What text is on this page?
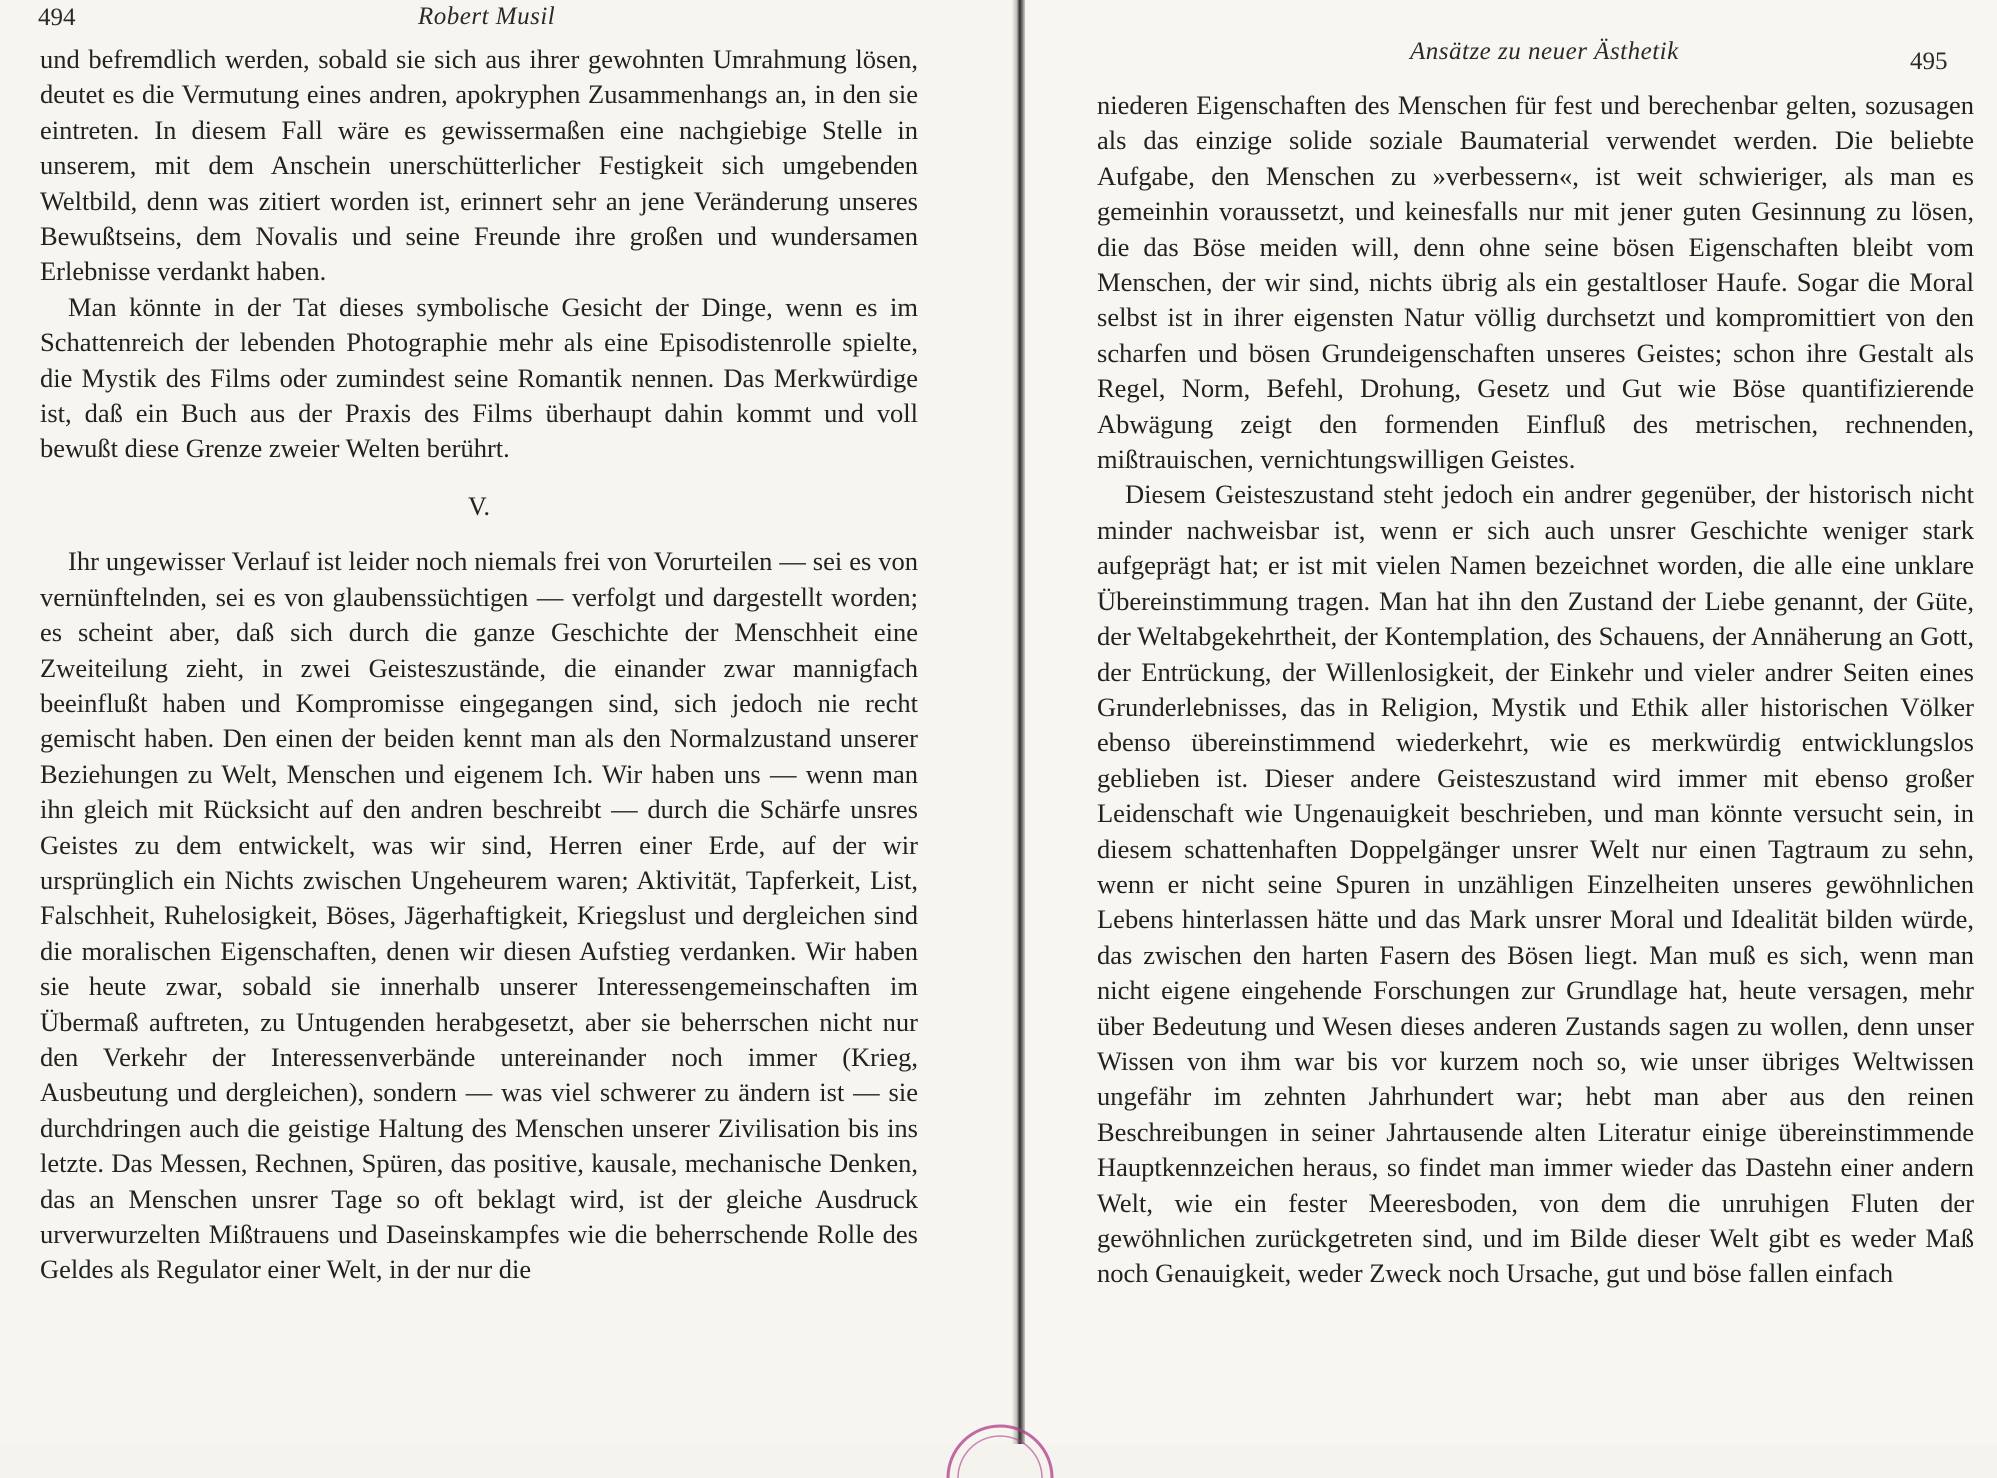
494	Robert Musil

und befremdlich werden, sobald sie sich aus ihrer gewohnten Umrahmung lösen, deutet es die Vermutung eines andren, apokryphen Zusammenhangs an, in den sie eintreten. In diesem Fall wäre es gewissermaßen eine nachgiebige Stelle in unserem, mit dem Anschein unerschütterlicher Festigkeit sich umgebenden Weltbild, denn was zitiert worden ist, erinnert sehr an jene Veränderung unseres Bewußtseins, dem Novalis und seine Freunde ihre großen und wundersamen Erlebnisse verdankt haben.

Man könnte in der Tat dieses symbolische Gesicht der Dinge, wenn es im Schattenreich der lebenden Photographie mehr als eine Episodistenrolle spielte, die Mystik des Films oder zumindest seine Romantik nennen. Das Merkwürdige ist, daß ein Buch aus der Praxis des Films überhaupt dahin kommt und voll bewußt diese Grenze zweier Welten berührt.

V.

Ihr ungewisser Verlauf ist leider noch niemals frei von Vorurteilen — sei es von vernünftelnden, sei es von glaubenssüchtigen — verfolgt und dargestellt worden; es scheint aber, daß sich durch die ganze Geschichte der Menschheit eine Zweiteilung zieht, in zwei Geisteszustände, die einander zwar mannigfach beeinflußt haben und Kompromisse eingegangen sind, sich jedoch nie recht gemischt haben. Den einen der beiden kennt man als den Normalzustand unserer Beziehungen zu Welt, Menschen und eigenem Ich. Wir haben uns — wenn man ihn gleich mit Rücksicht auf den andren beschreibt — durch die Schärfe unsres Geistes zu dem entwickelt, was wir sind, Herren einer Erde, auf der wir ursprünglich ein Nichts zwischen Ungeheurem waren; Aktivität, Tapferkeit, List, Falschheit, Ruhelosigkeit, Böses, Jägerhaftigkeit, Kriegslust und dergleichen sind die moralischen Eigenschaften, denen wir diesen Aufstieg verdanken. Wir haben sie heute zwar, sobald sie innerhalb unserer Interessengemeinschaften im Übermaß auftreten, zu Untugenden herabgesetzt, aber sie beherrschen nicht nur den Verkehr der Interessenverbände untereinander noch immer (Krieg, Ausbeutung und dergleichen), sondern — was viel schwerer zu ändern ist — sie durchdringen auch die geistige Haltung des Menschen unserer Zivilisation bis ins letzte. Das Messen, Rechnen, Spüren, das positive, kausale, mechanische Denken, das an Menschen unsrer Tage so oft beklagt wird, ist der gleiche Ausdruck urverwurzelten Mißtrauens und Daseinskampfes wie die beherrschende Rolle des Geldes als Regulator einer Welt, in der nur die

Ansätze zu neuer Ästhetik	495

niederen Eigenschaften des Menschen für fest und berechenbar gelten, sozusagen als das einzige solide soziale Baumaterial verwendet werden. Die beliebte Aufgabe, den Menschen zu »verbessern«, ist weit schwieriger, als man es gemeinhin voraussetzt, und keinesfalls nur mit jener guten Gesinnung zu lösen, die das Böse meiden will, denn ohne seine bösen Eigenschaften bleibt vom Menschen, der wir sind, nichts übrig als ein gestaltloser Haufe. Sogar die Moral selbst ist in ihrer eigensten Natur völlig durchsetzt und kompromittiert von den scharfen und bösen Grundeigenschaften unseres Geistes; schon ihre Gestalt als Regel, Norm, Befehl, Drohung, Gesetz und Gut wie Böse quantifizierende Abwägung zeigt den formenden Einfluß des metrischen, rechnenden, mißtrauischen, vernichtungswilligen Geistes.

Diesem Geisteszustand steht jedoch ein andrer gegenüber, der historisch nicht minder nachweisbar ist, wenn er sich auch unsrer Geschichte weniger stark aufgeprägt hat; er ist mit vielen Namen bezeichnet worden, die alle eine unklare Übereinstimmung tragen. Man hat ihn den Zustand der Liebe genannt, der Güte, der Weltabgekehrtheit, der Kontemplation, des Schauens, der Annäherung an Gott, der Entrückung, der Willenlosigkeit, der Einkehr und vieler andrer Seiten eines Grunderlebnisses, das in Religion, Mystik und Ethik aller historischen Völker ebenso übereinstimmend wiederkehrt, wie es merkwürdig entwicklungslos geblieben ist. Dieser andere Geisteszustand wird immer mit ebenso großer Leidenschaft wie Ungenauigkeit beschrieben, und man könnte versucht sein, in diesem schattenhaften Doppelgänger unsrer Welt nur einen Tagtraum zu sehn, wenn er nicht seine Spuren in unzähligen Einzelheiten unseres gewöhnlichen Lebens hinterlassen hätte und das Mark unsrer Moral und Idealität bilden würde, das zwischen den harten Fasern des Bösen liegt. Man muß es sich, wenn man nicht eigene eingehende Forschungen zur Grundlage hat, heute versagen, mehr über Bedeutung und Wesen dieses anderen Zustands sagen zu wollen, denn unser Wissen von ihm war bis vor kurzem noch so, wie unser übriges Weltwissen ungefähr im zehnten Jahrhundert war; hebt man aber aus den reinen Beschreibungen in seiner Jahrtausende alten Literatur einige übereinstimmende Hauptkennzeichen heraus, so findet man immer wieder das Dastehn einer andern Welt, wie ein fester Meeresboden, von dem die unruhigen Fluten der gewöhnlichen zurückgetreten sind, und im Bilde dieser Welt gibt es weder Maß noch Genauigkeit, weder Zweck noch Ursache, gut und böse fallen einfach
